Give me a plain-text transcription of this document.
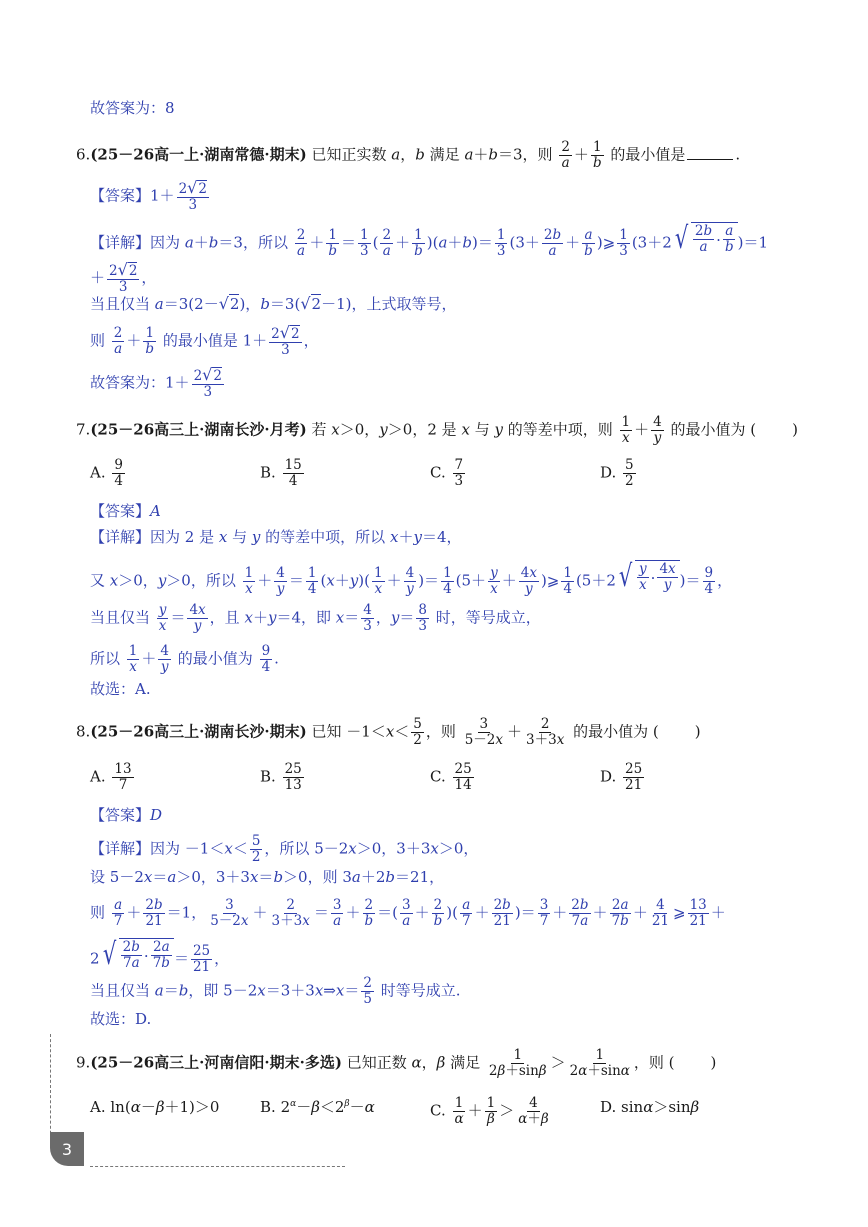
故答案为：8
6.(25－26高一上·湖南常德·期末) 已知正实数 a，b 满足 a＋b＝3，则 $\frac{2}{a} + \frac{1}{b}$ 的最小值是	.
【答案】$1+ \frac{2√2}{3}$
【详解】因为 a＋b＝3，所以 $\frac{2}{a} + \frac{1}{b} = \frac{1}{3}$ ( $\frac{2}{a} + \frac{1}{b} )(a+b)= \frac{1}{3} (3+ \frac{2b}{a} + \frac{a}{b}$ )⩾ $\frac{1}{3} (3+2$ √ $\frac{2b}{a} \cdot \frac{a}{b} )=1$
＋ $\frac{2√2}{3}$ ，
当且仅当 a＝3(2－√2)，b＝3(√2－1)，上式取等号，
则 $\frac{2}{a} + \frac{1}{b}$ 的最小值是 $1+ \frac{2√2}{3}$ ，
故答案为：$1+ \frac{2√2}{3}$
7.(25－26高三上·湖南长沙·月考) 若 x＞0，y＞0，2 是 x 与 y 的等差中项，则 $\frac{1}{x} + \frac{4}{y}$ 的最小值为 ( )
A. $\frac{9}{4}$	B. $\frac{15}{4}$	C. $\frac{7}{3}$	D. $\frac{5}{2}$
【答案】A
【详解】因为 2 是 x 与 y 的等差中项，所以 x＋y＝4，
又 x＞0，y＞0，所以 $\frac{1}{x} + \frac{4}{y} = \frac{1}{4} (x+y)( \frac{1}{x} + \frac{4}{y}$ )＝ $\frac{1}{4} (5+ \frac{y}{x} + \frac{4x}{y}$ )⩾ $\frac{1}{4} (5+2$ √ $\frac{y}{x} \cdot \frac{4x}{y}$ )＝ $\frac{9}{4}$ ，
当且仅当 $\frac{y}{x} = \frac{4x}{y}$ ，且 x＋y＝4，即 $x= \frac{4}{3}$ ，$y= \frac{8}{3}$ 时，等号成立，
所以 $\frac{1}{x} + \frac{4}{y}$ 的最小值为 $\frac{9}{4}$ .
故选：A.
8.(25－26高三上·湖南长沙·期末) 已知 $-1<x< \frac{5}{2}$ ，则 $\frac{3}{5-2x} + \frac{2}{3+3x}$ 的最小值为 ( )
A. $\frac{13}{7}$	B. $\frac{25}{13}$	C. $\frac{25}{14}$	D. $\frac{25}{21}$
【答案】D
【详解】因为 $-1<x< \frac{5}{2}$ ，所以 5－2x＞0，3＋3x＞0，
设 5－2x＝a＞0，3＋3x＝b＞0，则 3a＋2b＝21，
则 $\frac{a}{7} + \frac{2b}{21} =1$， $\frac{3}{5-2x} + \frac{2}{3+3x} = \frac{3}{a} + \frac{2}{b}$ ＝( $\frac{3}{a} + \frac{2}{b}$ )( $\frac{a}{7} + \frac{2b}{21}$ )＝ $\frac{3}{7} + \frac{2b}{7a} + \frac{2a}{7b} + \frac{4}{21}$ ⩾ $\frac{13}{21}$ ＋
2 √ $\frac{2b}{7a} \cdot \frac{2a}{7b} = \frac{25}{21}$ ，
当且仅当 a＝b，即 5－2x＝3＋3x⇒x＝ $\frac{2}{5}$ 时等号成立.
故选：D.
9.(25－26高三上·河南信阳·期末·多选) 已知正数 α，β 满足 $\frac{1}{2\beta+\sin\beta} > \frac{1}{2\alpha+\sin\alpha}$ ，则 ( )
A. ln(α－β＋1)＞0	B. $2^\alpha-\beta<2^\beta-\alpha$	C. $\frac{1}{\alpha} + \frac{1}{\beta} > \frac{4}{\alpha+\beta}$	D. sinα＞sinβ
3
